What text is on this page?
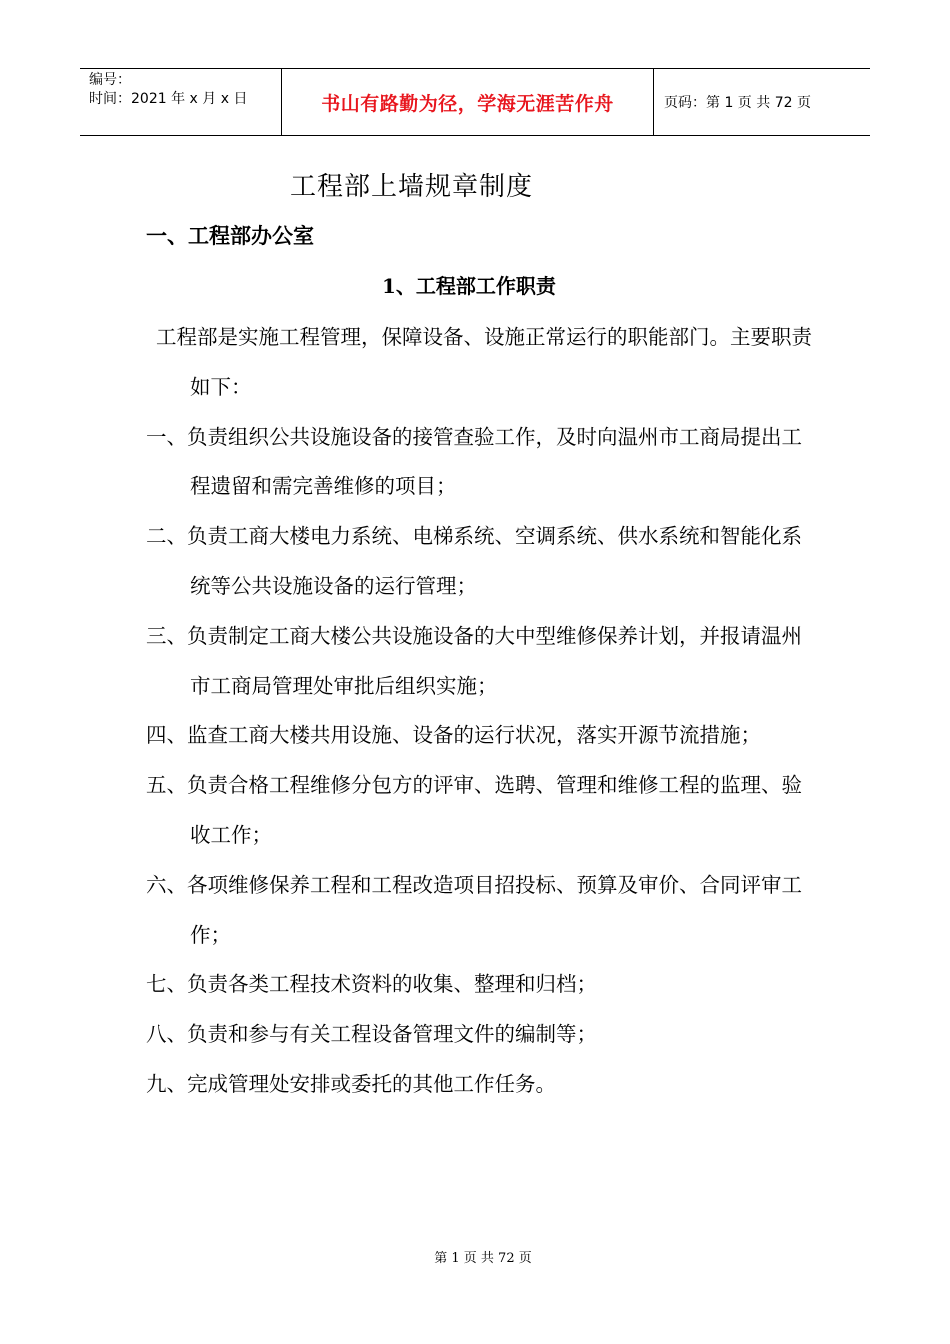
编号：
时间：2021 年 x 月 x 日	书山有路勤为径，学海无涯苦作舟	页码：第 1 页 共 72 页
工程部上墙规章制度
一、工程部办公室
1、工程部工作职责
工程部是实施工程管理，保障设备、设施正常运行的职能部门。主要职责如下：
一、负责组织公共设施设备的接管查验工作，及时向温州市工商局提出工程遗留和需完善维修的项目；
二、负责工商大楼电力系统、电梯系统、空调系统、供水系统和智能化系统等公共设施设备的运行管理；
三、负责制定工商大楼公共设施设备的大中型维修保养计划，并报请温州市工商局管理处审批后组织实施；
四、监查工商大楼共用设施、设备的运行状况，落实开源节流措施；
五、负责合格工程维修分包方的评审、选聘、管理和维修工程的监理、验收工作；
六、各项维修保养工程和工程改造项目招投标、预算及审价、合同评审工作；
七、负责各类工程技术资料的收集、整理和归档；
八、负责和参与有关工程设备管理文件的编制等；
九、完成管理处安排或委托的其他工作任务。
第 1 页 共 72 页
